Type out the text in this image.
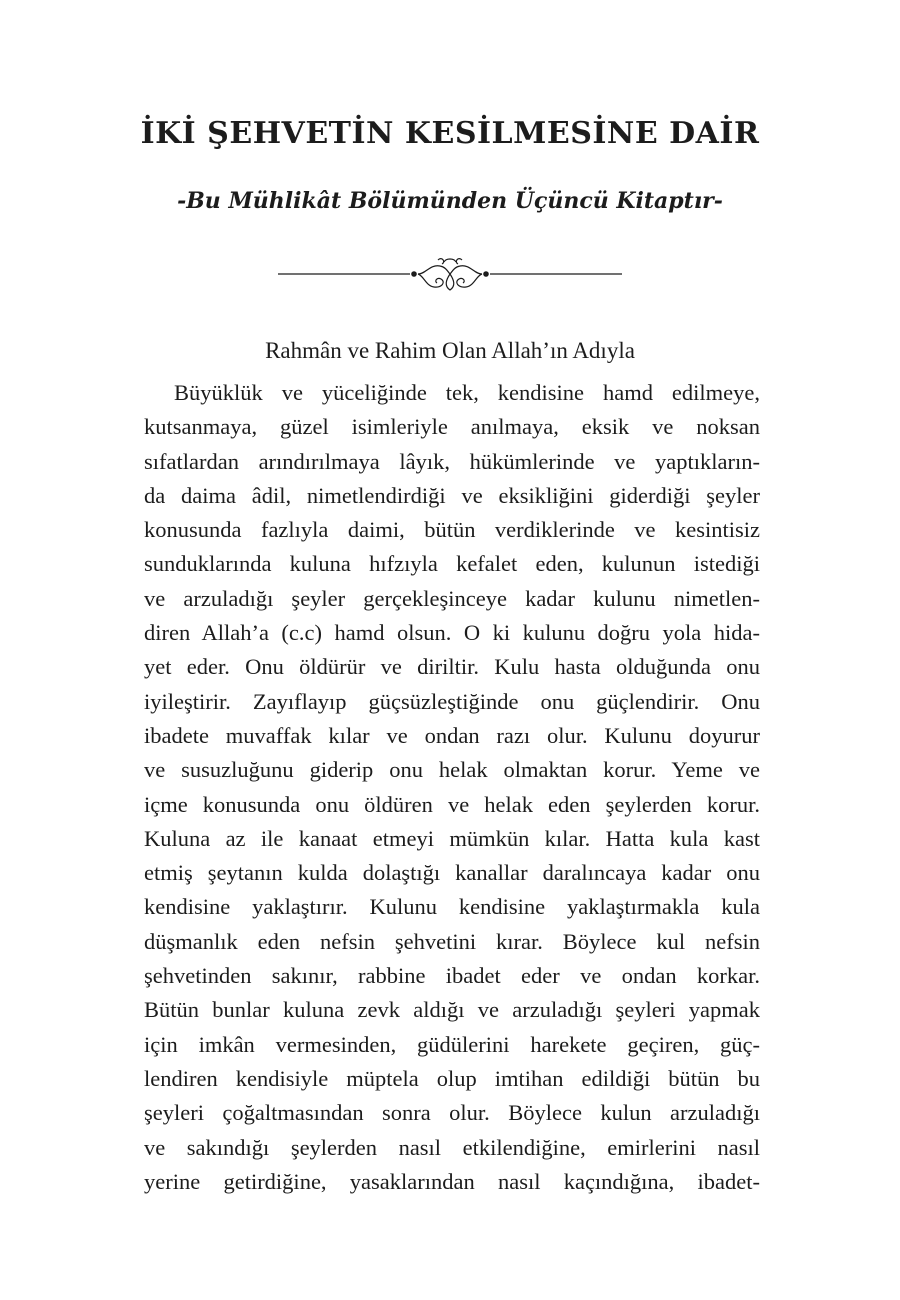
İKİ ŞEHVETİN KESİLMESİNE DAİR

-Bu Mühlikât Bölümünden Üçüncü Kitaptır-

Rahmân ve Rahim Olan Allah’ın Adıyla

Büyüklük ve yüceliğinde tek, kendisine hamd edilmeye,
kutsanmaya, güzel isimleriyle anılmaya, eksik ve noksan
sıfatlardan arındırılmaya lâyık, hükümlerinde ve yaptıkların-
da daima âdil, nimetlendirdiği ve eksikliğini giderdiği şeyler
konusunda fazlıyla daimi, bütün verdiklerinde ve kesintisiz
sunduklarında kuluna hıfzıyla kefalet eden, kulunun istediği
ve arzuladığı şeyler gerçekleşinceye kadar kulunu nimetlen-
diren Allah’a (c.c) hamd olsun. O ki kulunu doğru yola hida-
yet eder. Onu öldürür ve diriltir. Kulu hasta olduğunda onu
iyileştirir. Zayıflayıp güçsüzleştiğinde onu güçlendirir. Onu
ibadete muvaffak kılar ve ondan razı olur. Kulunu doyurur
ve susuzluğunu giderip onu helak olmaktan korur. Yeme ve
içme konusunda onu öldüren ve helak eden şeylerden korur.
Kuluna az ile kanaat etmeyi mümkün kılar. Hatta kula kast
etmiş şeytanın kulda dolaştığı kanallar daralıncaya kadar onu
kendisine yaklaştırır. Kulunu kendisine yaklaştırmakla kula
düşmanlık eden nefsin şehvetini kırar. Böylece kul nefsin
şehvetinden sakınır, rabbine ibadet eder ve ondan korkar.
Bütün bunlar kuluna zevk aldığı ve arzuladığı şeyleri yapmak
için imkân vermesinden, güdülerini harekete geçiren, güç-
lendiren kendisiyle müptela olup imtihan edildiği bütün bu
şeyleri çoğaltmasından sonra olur. Böylece kulun arzuladığı
ve sakındığı şeylerden nasıl etkilendiğine, emirlerini nasıl
yerine getirdiğine, yasaklarından nasıl kaçındığına, ibadet-
